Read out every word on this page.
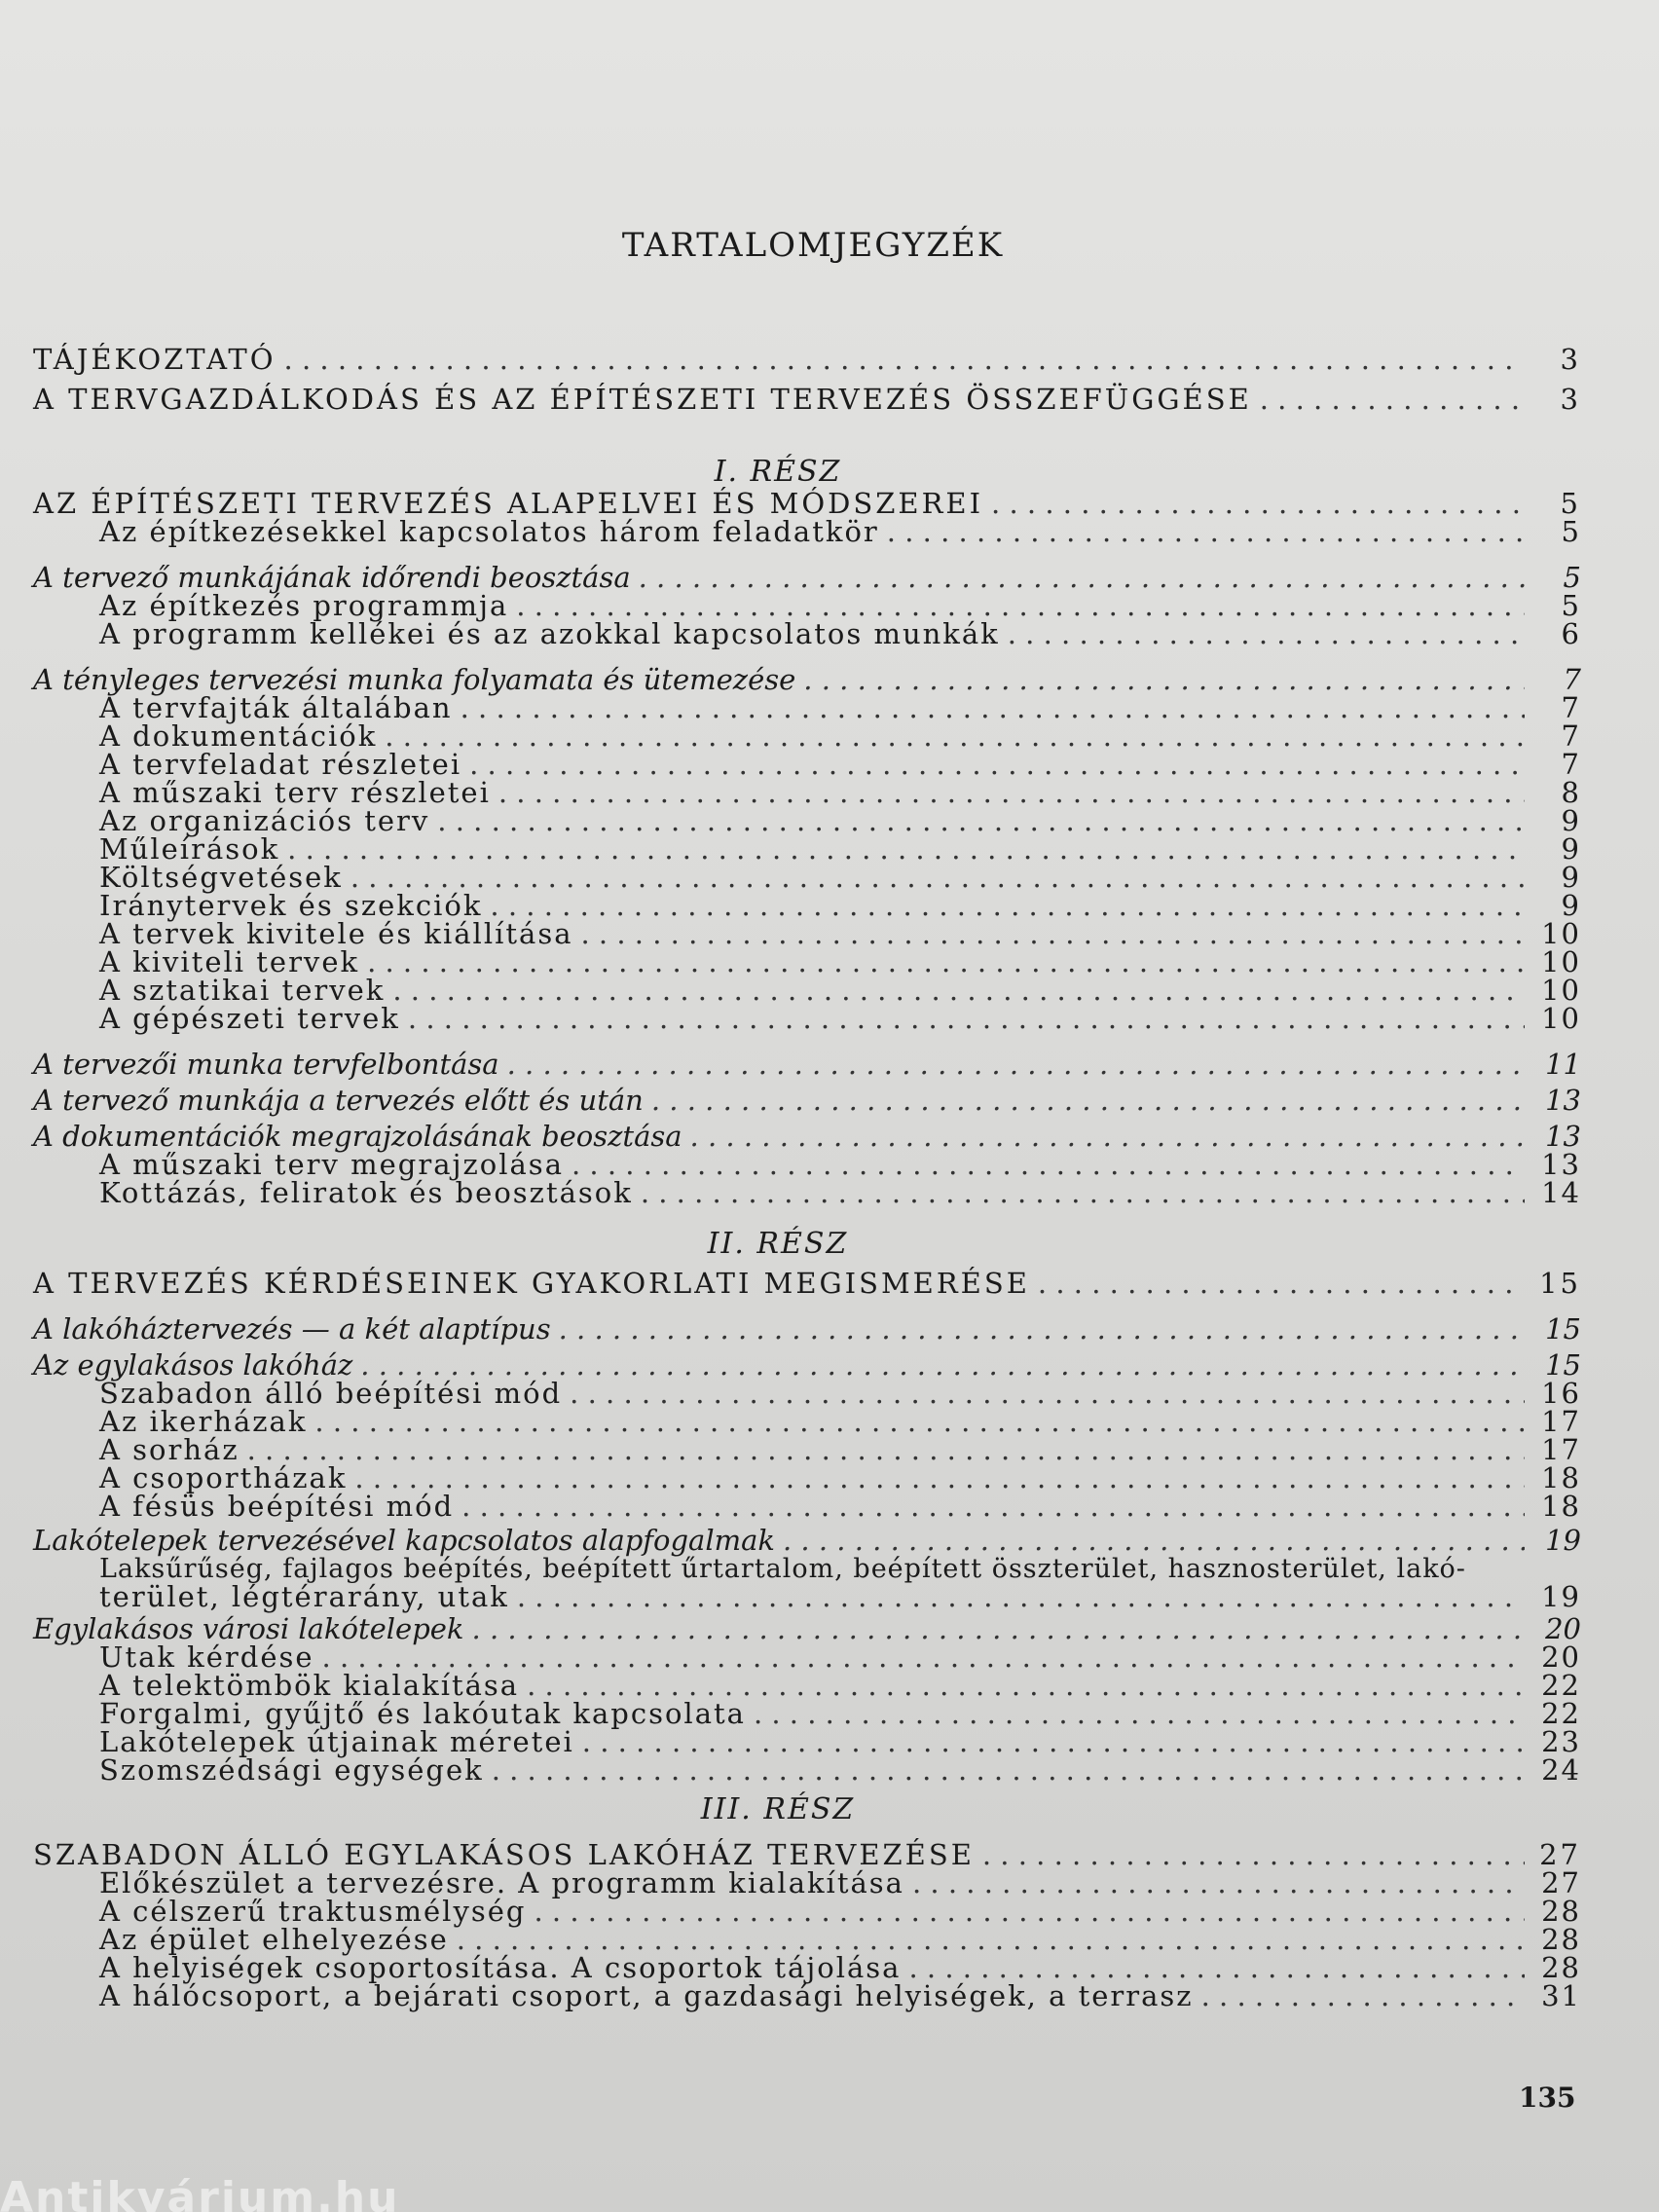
TARTALOMJEGYZÉK
TÁJÉKOZTATÓ . . .	3
A TERVGAZDÁLKODÁS ÉS AZ ÉPÍTÉSZETI TERVEZÉS ÖSSZEFÜGGÉSE . . .	3
I. RÉSZ
AZ ÉPÍTÉSZETI TERVEZÉS ALAPELVEI ÉS MÓDSZEREI . . .	5
Az építkezésekkel kapcsolatos három feladatkör . . .	5
A tervező munkájának időrendi beosztása . . .	5
Az építkezés programmja . . .	5
A programm kellékei és az azokkal kapcsolatos munkák . . .	6
A tényleges tervezési munka folyamata és ütemezése . . .	7
A tervfajták általában . . .	7
A dokumentációk . . .	7
A tervfeladat részletei . . .	7
A műszaki terv részletei . . .	8
Az organizációs terv . . .	9
Műleírások . . .	9
Költségvetések . . .	9
Iránytervek és szekciók . . .	9
A tervek kivitele és kiállítása . . .	10
A kiviteli tervek . . .	10
A sztatikai tervek . . .	10
A gépészeti tervek . . .	10
A tervezői munka tervfelbontása . . .	11
A tervező munkája a tervezés előtt és után . . .	13
A dokumentációk megrajzolásának beosztása . . .	13
A műszaki terv megrajzolása . . .	13
Kottázás, feliratok és beosztások . . .	14
II. RÉSZ
A TERVEZÉS KÉRDÉSEINEK GYAKORLATI MEGISMERÉSE . . .	15
A lakóháztervezés — a két alaptípus . . .	15
Az egylakásos lakóház . . .	15
Szabadon álló beépítési mód . . .	16
Az ikerházak . . .	17
A sorház . . .	17
A csoportházak . . .	18
A fésüs beépítési mód . . .	18
Lakótelepek tervezésével kapcsolatos alapfogalmak . . .	19
Laksűrűség, fajlagos beépítés, beépített űrtartalom, beépített összterület, hasznosterület, lakó-
terület, légtérarány, utak . . .	19
Egylakásos városi lakótelepek . . .	20
Utak kérdése . . .	20
A telektömbök kialakítása . . .	22
Forgalmi, gyűjtő és lakóutak kapcsolata . . .	22
Lakótelepek útjainak méretei . . .	23
Szomszédsági egységek . . .	24
III. RÉSZ
SZABADON ÁLLÓ EGYLAKÁSOS LAKÓHÁZ TERVEZÉSE . . .	27
Előkészület a tervezésre. A programm kialakítása . . .	27
A célszerű traktusmélység . . .	28
Az épület elhelyezése . . .	28
A helyiségek csoportosítása. A csoportok tájolása . . .	28
A hálócsoport, a bejárati csoport, a gazdasági helyiségek, a terrasz . . .	31
135
Antikvárium.hu
